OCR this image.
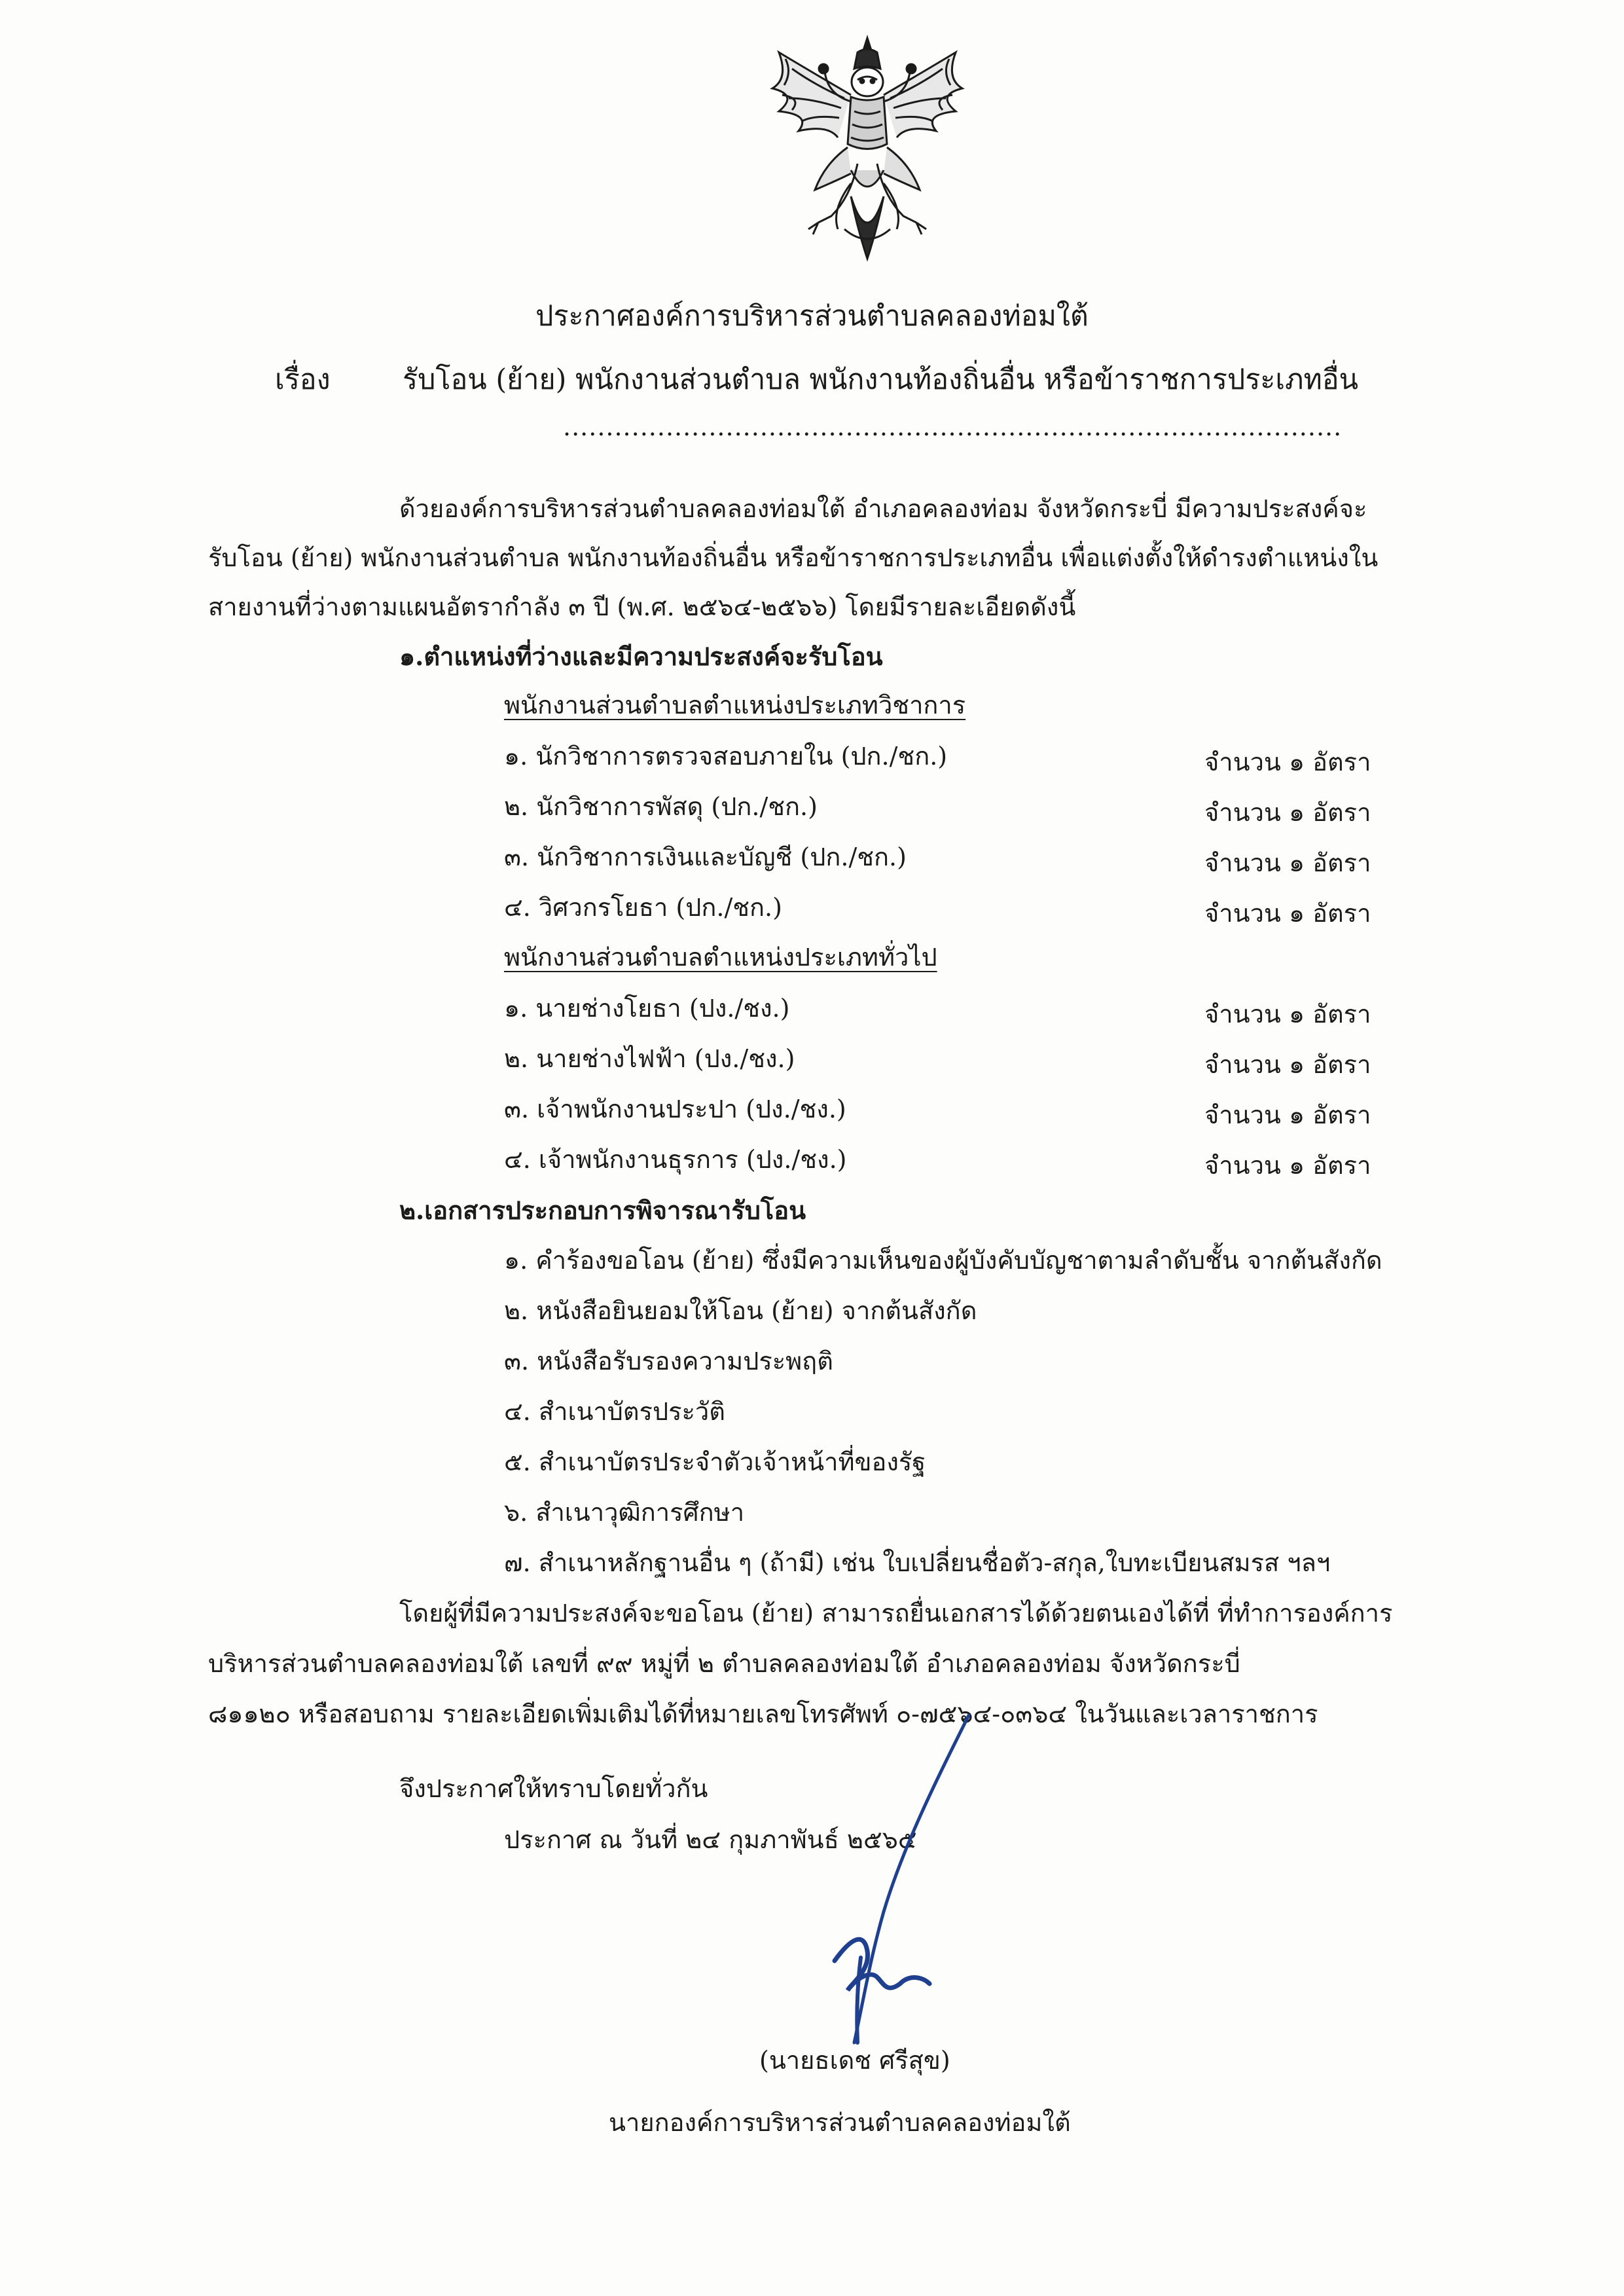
ประกาศองค์การบริหารส่วนตำบลคลองท่อมใต้
เรื่อง	รับโอน (ย้าย) พนักงานส่วนตำบล พนักงานท้องถิ่นอื่น หรือข้าราชการประเภทอื่น
...........................................................................................
ด้วยองค์การบริหารส่วนตำบลคลองท่อมใต้ อำเภอคลองท่อม จังหวัดกระบี่ มีความประสงค์จะ
รับโอน (ย้าย) พนักงานส่วนตำบล พนักงานท้องถิ่นอื่น หรือข้าราชการประเภทอื่น เพื่อแต่งตั้งให้ดำรงตำแหน่งใน
สายงานที่ว่างตามแผนอัตรากำลัง ๓ ปี (พ.ศ. ๒๕๖๔-๒๕๖๖) โดยมีรายละเอียดดังนี้
๑.ตำแหน่งที่ว่างและมีความประสงค์จะรับโอน
พนักงานส่วนตำบลตำแหน่งประเภทวิชาการ
๑. นักวิชาการตรวจสอบภายใน (ปก./ชก.)	จำนวน ๑ อัตรา
๒. นักวิชาการพัสดุ (ปก./ชก.)	จำนวน ๑ อัตรา
๓. นักวิชาการเงินและบัญชี (ปก./ชก.)	จำนวน ๑ อัตรา
๔. วิศวกรโยธา (ปก./ชก.)	จำนวน ๑ อัตรา
พนักงานส่วนตำบลตำแหน่งประเภททั่วไป
๑. นายช่างโยธา (ปง./ชง.)	จำนวน ๑ อัตรา
๒. นายช่างไฟฟ้า (ปง./ชง.)	จำนวน ๑ อัตรา
๓. เจ้าพนักงานประปา (ปง./ชง.)	จำนวน ๑ อัตรา
๔. เจ้าพนักงานธุรการ (ปง./ชง.)	จำนวน ๑ อัตรา
๒.เอกสารประกอบการพิจารณารับโอน
๑. คำร้องขอโอน (ย้าย) ซึ่งมีความเห็นของผู้บังคับบัญชาตามลำดับชั้น จากต้นสังกัด
๒. หนังสือยินยอมให้โอน (ย้าย) จากต้นสังกัด
๓. หนังสือรับรองความประพฤติ
๔. สำเนาบัตรประวัติ
๕. สำเนาบัตรประจำตัวเจ้าหน้าที่ของรัฐ
๖. สำเนาวุฒิการศึกษา
๗. สำเนาหลักฐานอื่น ๆ (ถ้ามี) เช่น ใบเปลี่ยนชื่อตัว-สกุล,ใบทะเบียนสมรส ฯลฯ
โดยผู้ที่มีความประสงค์จะขอโอน (ย้าย) สามารถยื่นเอกสารได้ด้วยตนเองได้ที่ ที่ทำการองค์การ
บริหารส่วนตำบลคลองท่อมใต้ เลขที่ ๙๙ หมู่ที่ ๒ ตำบลคลองท่อมใต้ อำเภอคลองท่อม จังหวัดกระบี่
๘๑๑๒๐ หรือสอบถาม รายละเอียดเพิ่มเติมได้ที่หมายเลขโทรศัพท์ ๐-๗๕๖๔-๐๓๖๔ ในวันและเวลาราชการ
จึงประกาศให้ทราบโดยทั่วกัน
ประกาศ ณ วันที่ ๒๔ กุมภาพันธ์ ๒๕๖๕
(นายธเดช ศรีสุข)
นายกองค์การบริหารส่วนตำบลคลองท่อมใต้
